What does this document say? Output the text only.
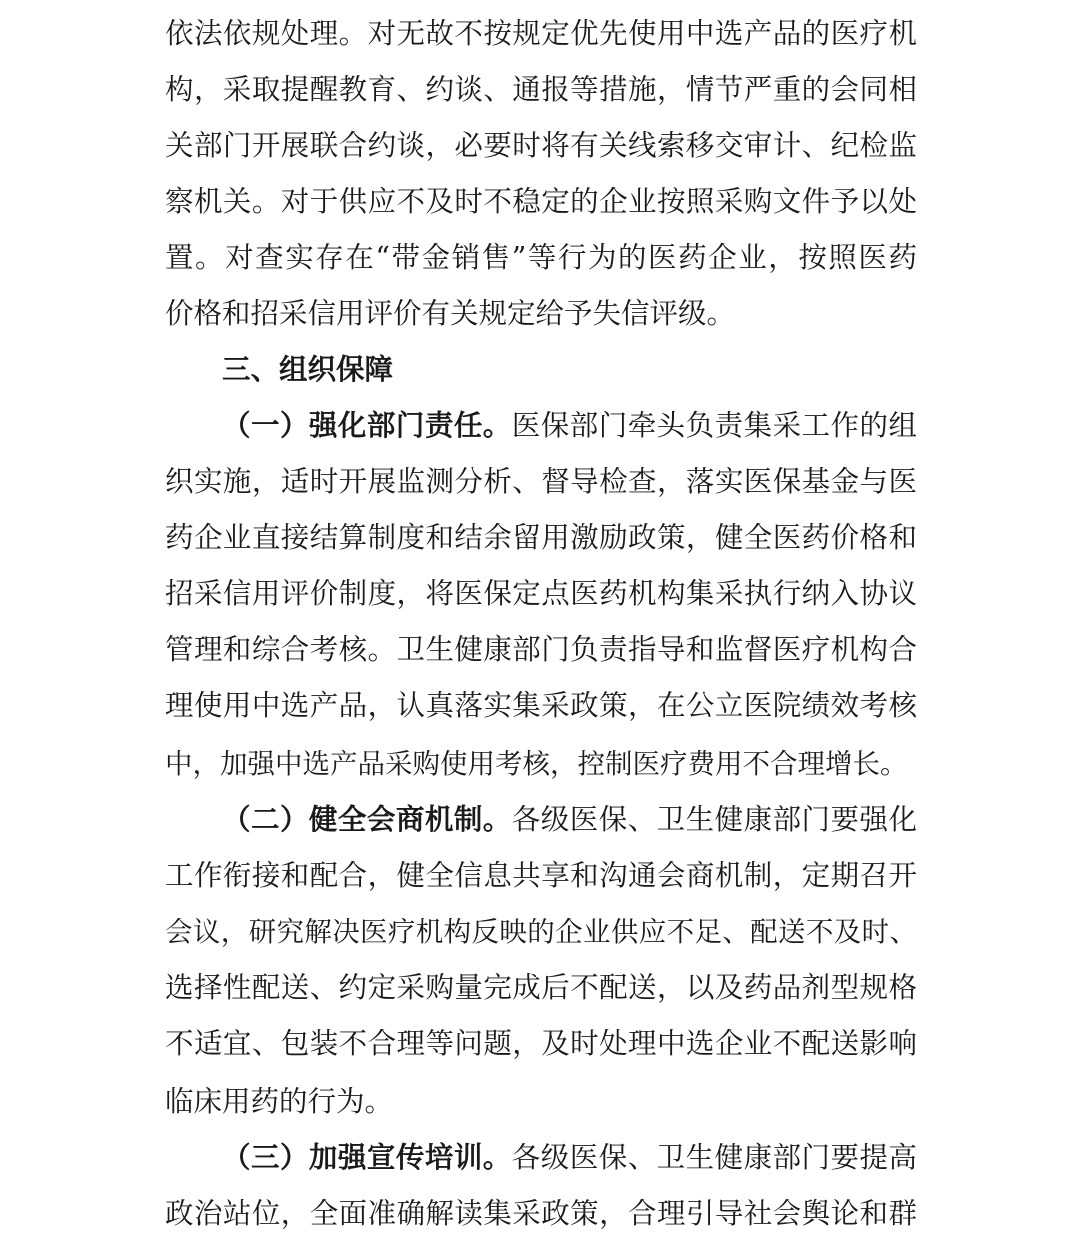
依法依规处理。对无故不按规定优先使用中选产品的医疗机
构，采取提醒教育、约谈、通报等措施，情节严重的会同相
关部门开展联合约谈，必要时将有关线索移交审计、纪检监
察机关。对于供应不及时不稳定的企业按照采购文件予以处
置。对查实存在“带金销售”等行为的医药企业，按照医药
价格和招采信用评价有关规定给予失信评级。
三、组织保障
（一）强化部门责任。医保部门牵头负责集采工作的组
织实施，适时开展监测分析、督导检查，落实医保基金与医
药企业直接结算制度和结余留用激励政策，健全医药价格和
招采信用评价制度，将医保定点医药机构集采执行纳入协议
管理和综合考核。卫生健康部门负责指导和监督医疗机构合
理使用中选产品，认真落实集采政策，在公立医院绩效考核
中，加强中选产品采购使用考核，控制医疗费用不合理增长。
（二）健全会商机制。各级医保、卫生健康部门要强化
工作衔接和配合，健全信息共享和沟通会商机制，定期召开
会议，研究解决医疗机构反映的企业供应不足、配送不及时、
选择性配送、约定采购量完成后不配送，以及药品剂型规格
不适宜、包装不合理等问题，及时处理中选企业不配送影响
临床用药的行为。
（三）加强宣传培训。各级医保、卫生健康部门要提高
政治站位，全面准确解读集采政策，合理引导社会舆论和群
